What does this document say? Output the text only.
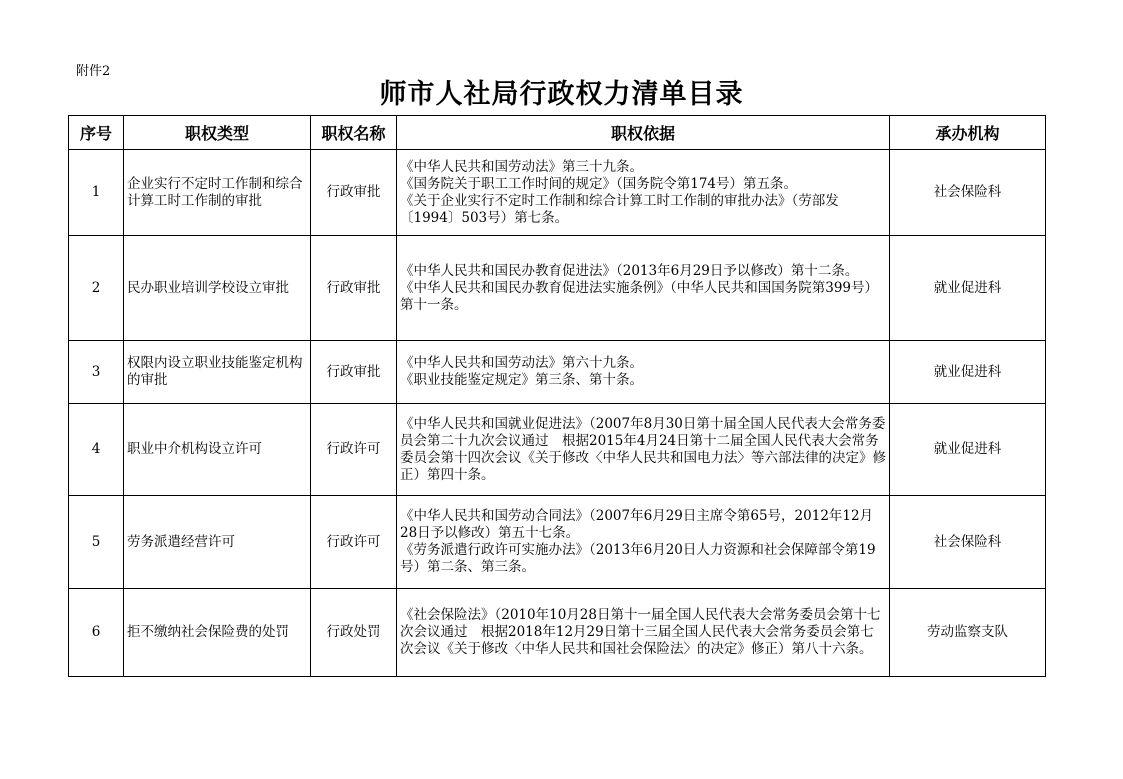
附件2
师市人社局行政权力清单目录
序号	职权类型	职权名称	职权依据	承办机构
1	企业实行不定时工作制和综合计算工时工作制的审批	行政审批	《中华人民共和国劳动法》第三十九条。
《国务院关于职工工作时间的规定》（国务院令第174号）第五条。
《关于企业实行不定时工作制和综合计算工时工作制的审批办法》（劳部发〔1994〕503号）第七条。	社会保险科
2	民办职业培训学校设立审批	行政审批	《中华人民共和国民办教育促进法》（2013年6月29日予以修改）第十二条。
《中华人民共和国民办教育促进法实施条例》（中华人民共和国国务院第399号）第十一条。	就业促进科
3	权限内设立职业技能鉴定机构的审批	行政审批	《中华人民共和国劳动法》第六十九条。
《职业技能鉴定规定》第三条、第十条。	就业促进科
4	职业中介机构设立许可	行政许可	《中华人民共和国就业促进法》（2007年8月30日第十届全国人民代表大会常务委员会第二十九次会议通过　根据2015年4月24日第十二届全国人民代表大会常务委员会第十四次会议《关于修改〈中华人民共和国电力法〉等六部法律的决定》修正）第四十条。	就业促进科
5	劳务派遣经营许可	行政许可	《中华人民共和国劳动合同法》（2007年6月29日主席令第65号，2012年12月28日予以修改）第五十七条。
《劳务派遣行政许可实施办法》（2013年6月20日人力资源和社会保障部令第19号）第二条、第三条。	社会保险科
6	拒不缴纳社会保险费的处罚	行政处罚	《社会保险法》（2010年10月28日第十一届全国人民代表大会常务委员会第十七次会议通过　根据2018年12月29日第十三届全国人民代表大会常务委员会第七次会议《关于修改〈中华人民共和国社会保险法〉的决定》修正）第八十六条。	劳动监察支队
